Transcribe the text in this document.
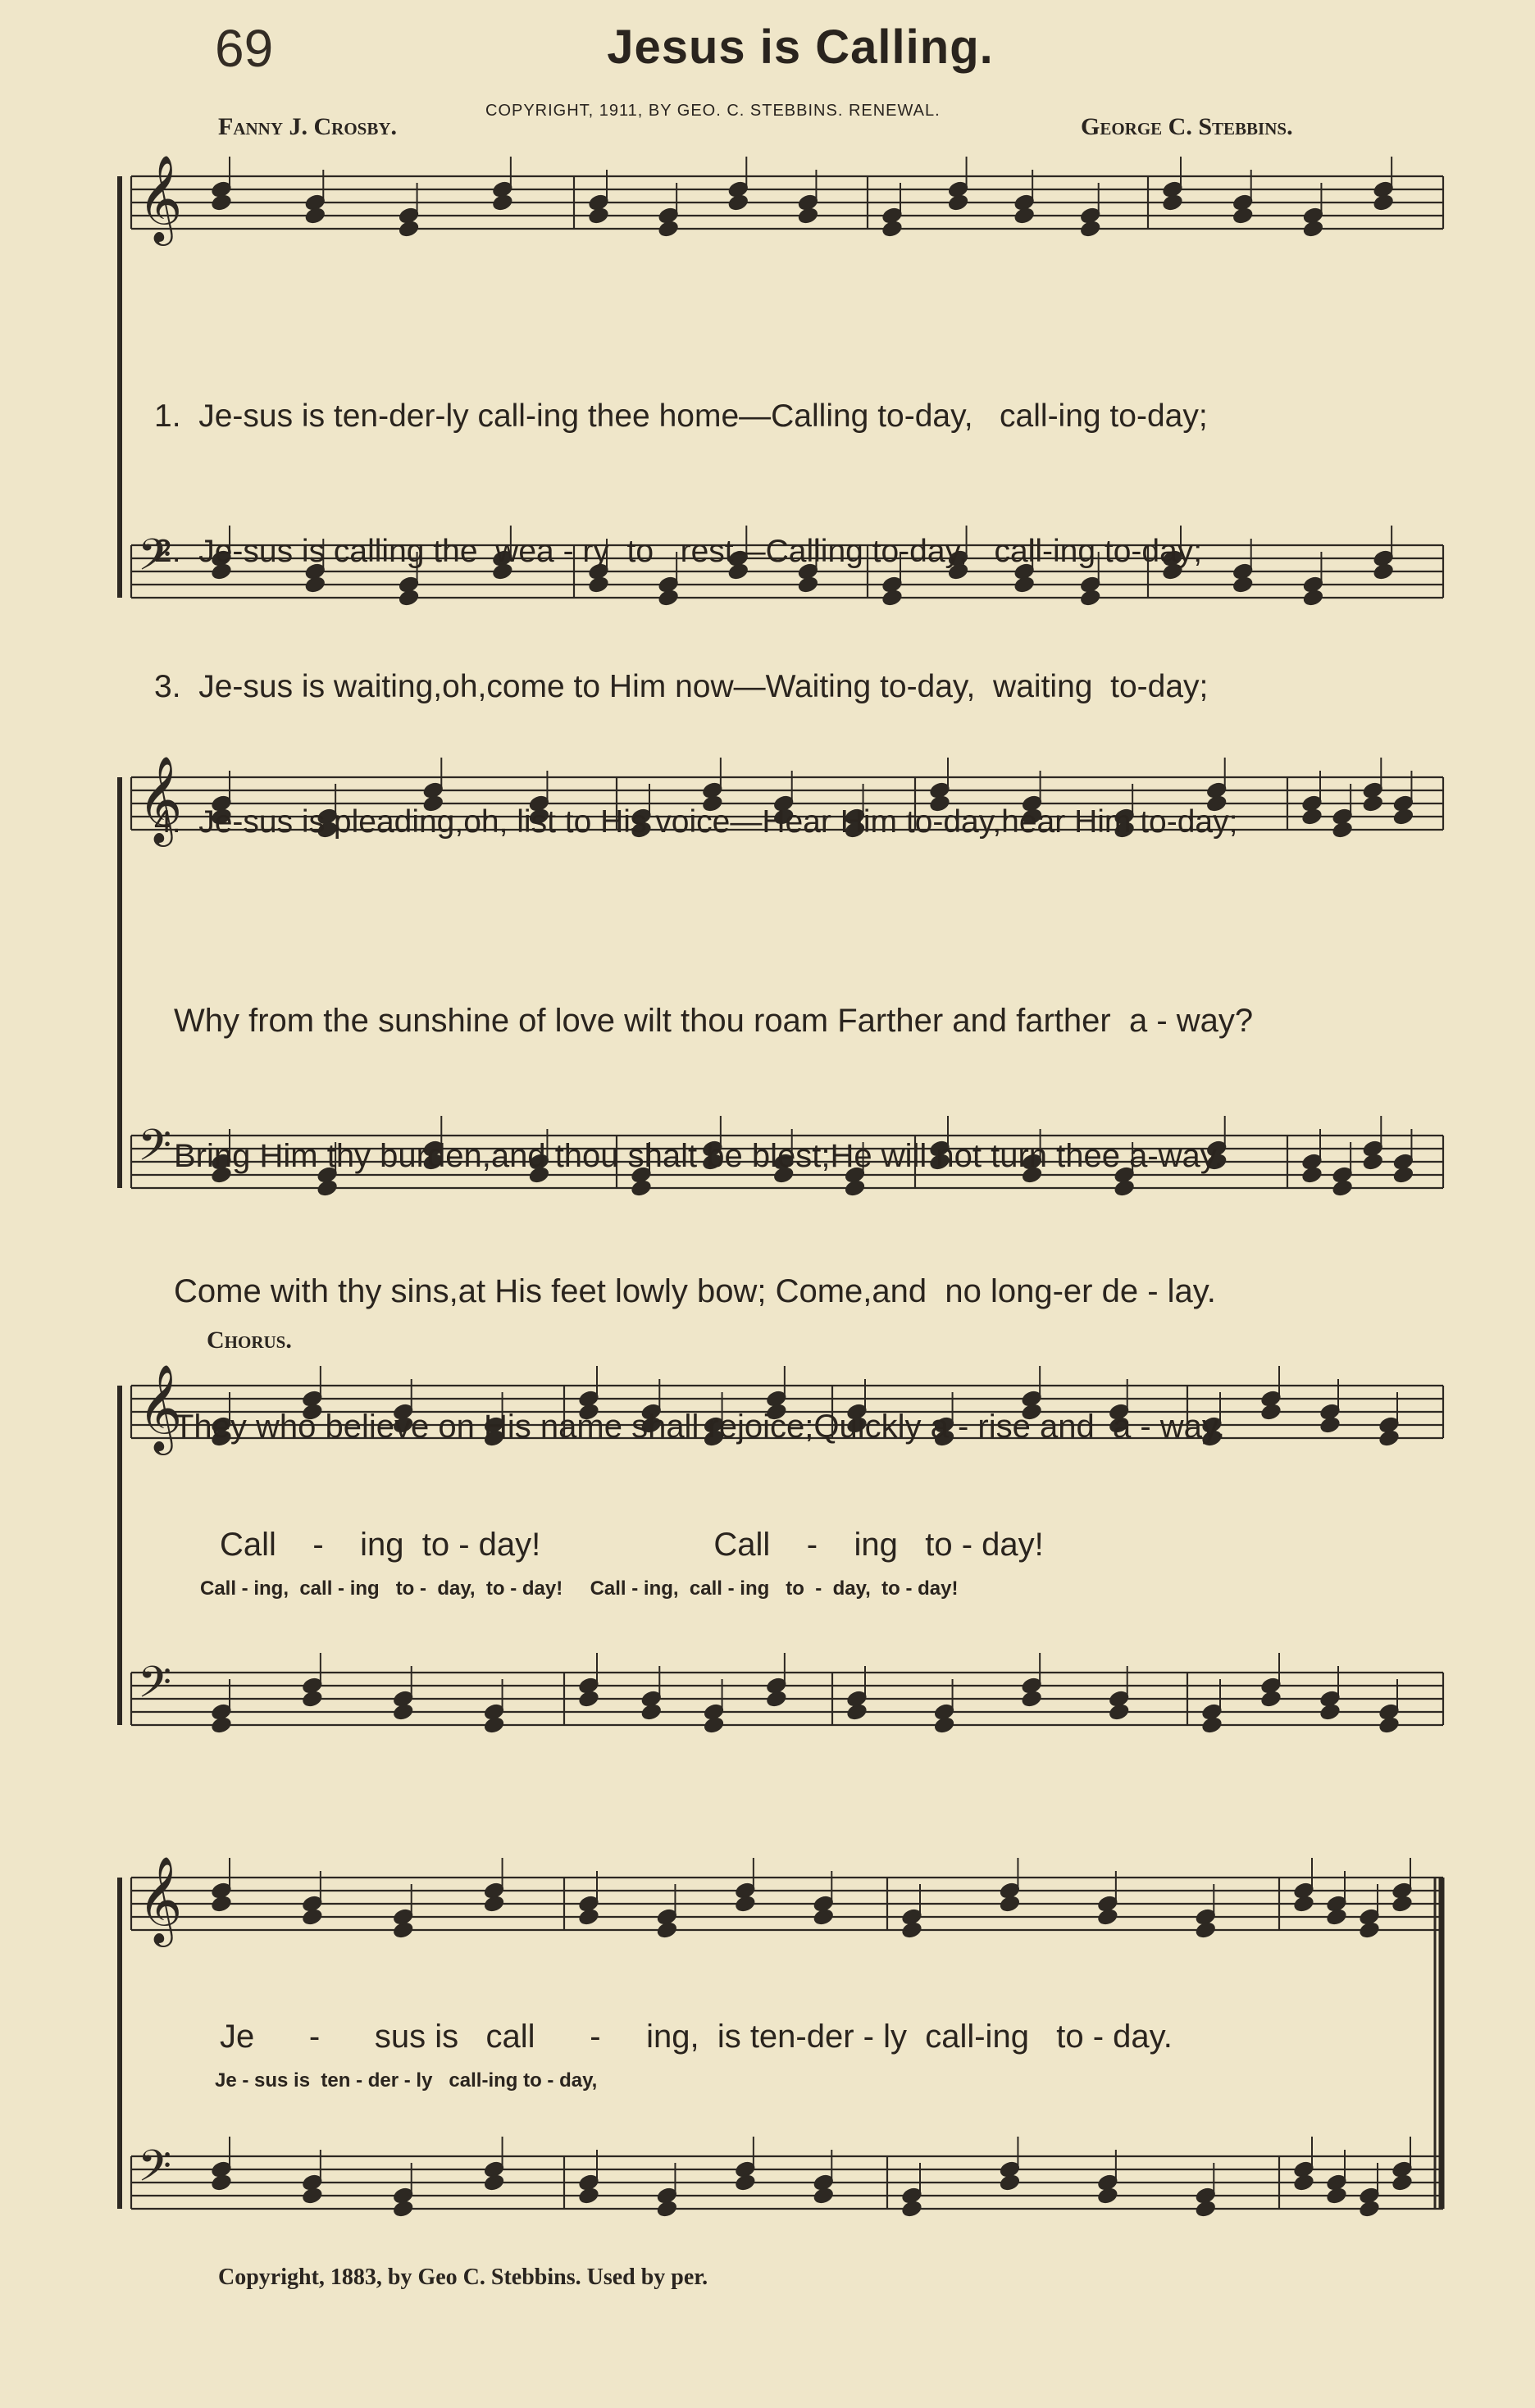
69	Jesus is Calling.
Fanny J. Crosby.
COPYRIGHT, 1911, BY GEO. C. STEBBINS. RENEWAL.
George C. Stebbins.
𝄞
𝄢
𝄞
𝄢
𝄞
𝄢
𝄞
𝄢

1.  Je-sus is ten-der-ly call-ing thee home—Calling to-day,   call-ing to-day;

2.  Je-sus is calling the  wea - ry  to   rest—Calling to-day,   call-ing to-day;

3.  Je-sus is waiting,oh,come to Him now—Waiting to-day,  waiting  to-day;

4.  Je-sus is pleading,oh, list to His voice—Hear Him to-day,hear Him to-day;

Why from the sunshine of love wilt thou roam Farther and farther  a - way?

Bring Him thy burden,and thou shalt be blest;He will not turn thee a-way.

Come with thy sins,at His feet lowly bow; Come,and  no long-er de - lay.

They who believe on His name shall rejoice;Quickly a - rise and  a - way.

Chorus.
Call    -    ing  to - day!                   Call    -    ing   to - day!
Call - ing,  call - ing   to -  day,  to - day!     Call - ing,  call - ing   to  -  day,  to - day!
Je      -      sus is   call      -     ing,  is ten-der - ly  call-ing   to - day.
Je - sus is  ten - der - ly   call-ing to - day,
Copyright, 1883, by Geo C. Stebbins. Used by per.
